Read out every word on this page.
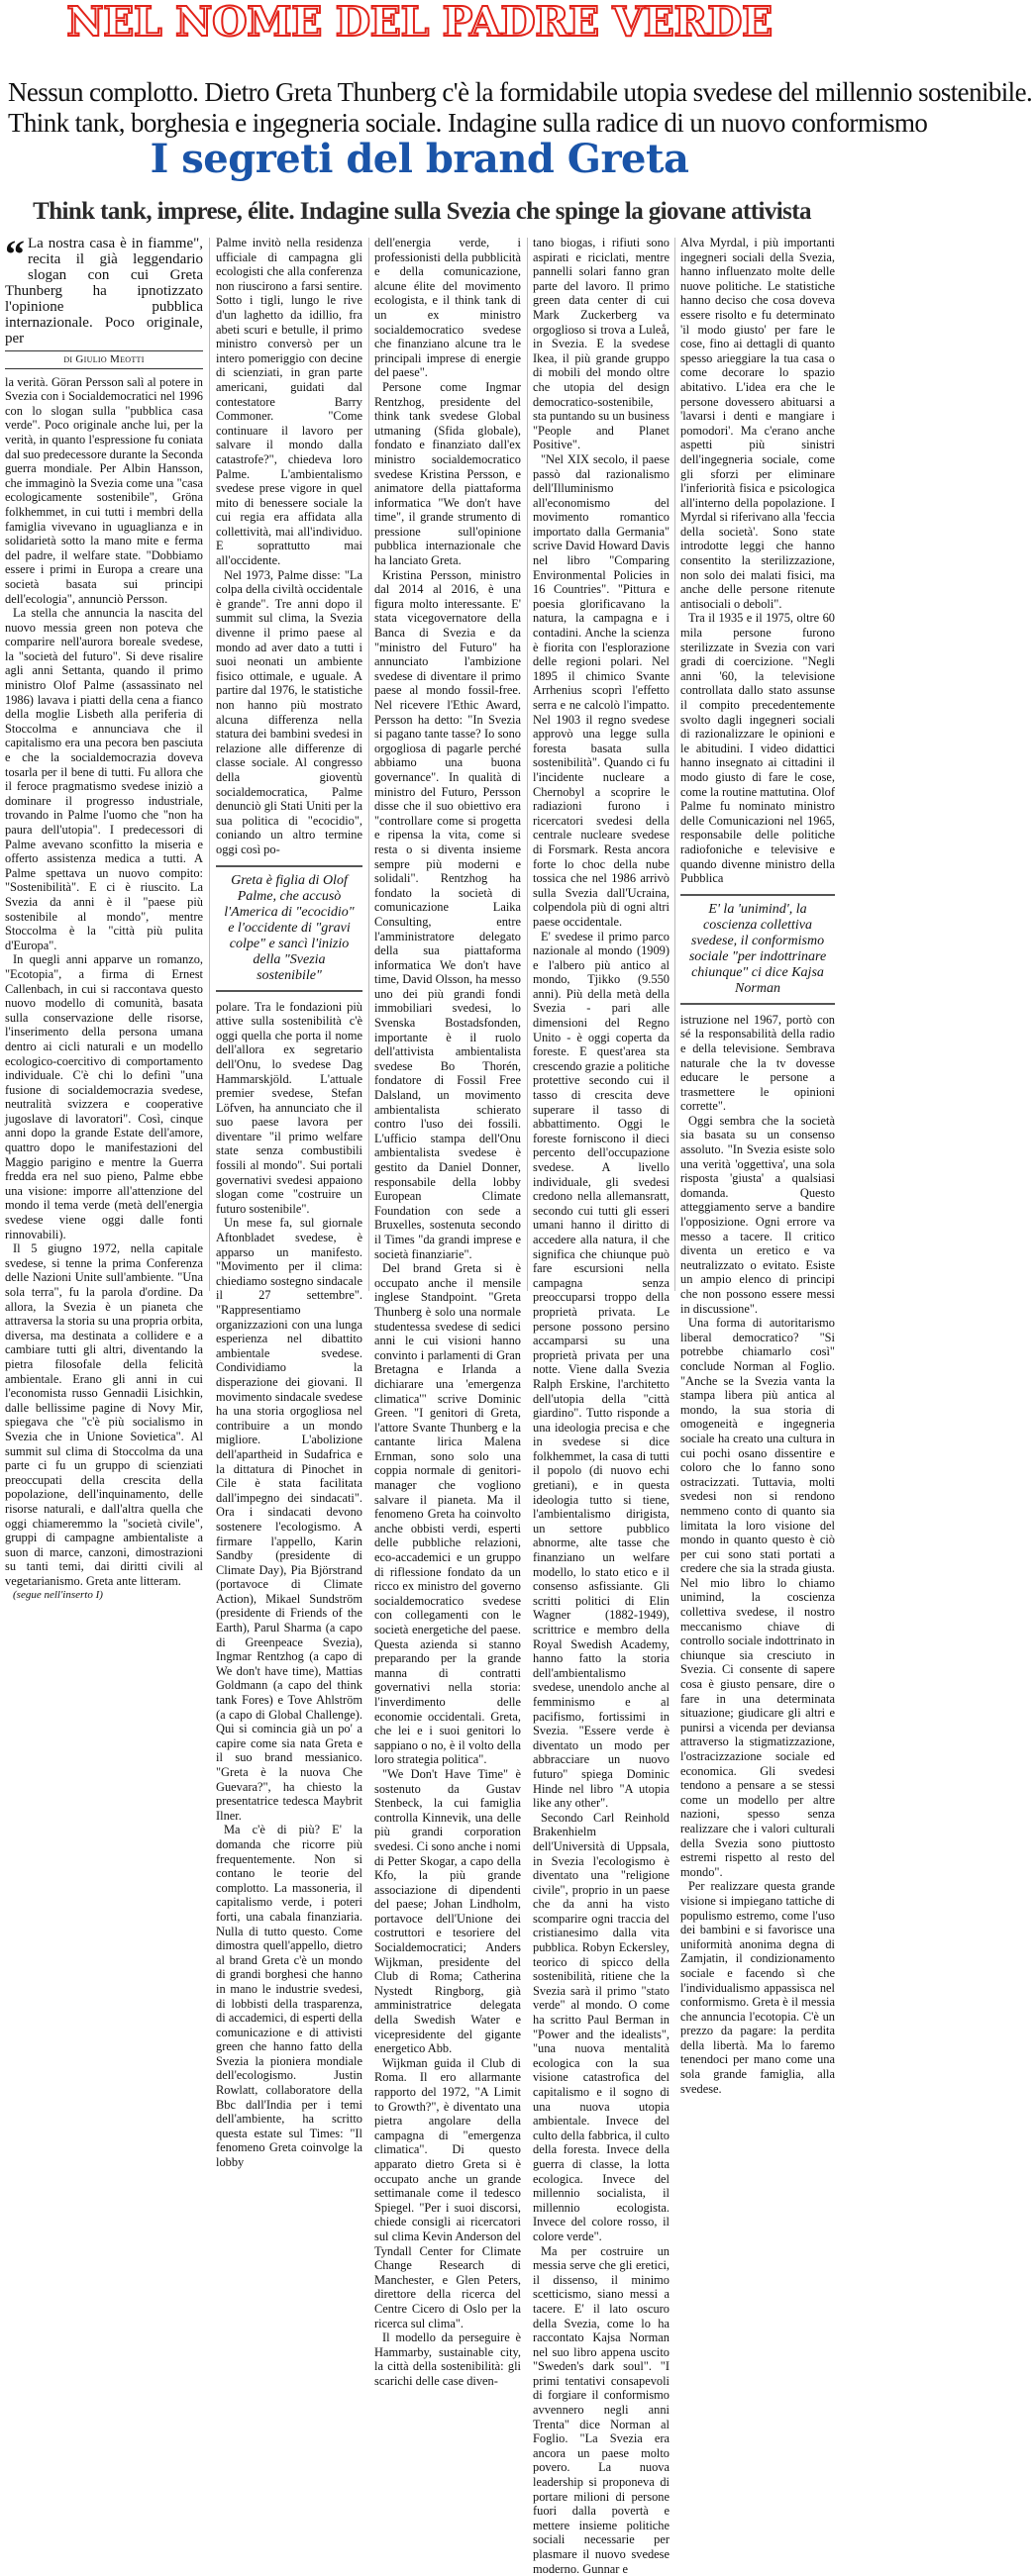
NEL NOME DEL PADRE VERDE
Nessun complotto. Dietro Greta Thunberg c'è la formidabile utopia svedese del millennio sostenibile.
Think tank, borghesia e ingegneria sociale. Indagine sulla radice di un nuovo conformismo
I segreti del brand Greta
Think tank, imprese, élite. Indagine sulla Svezia che spinge la giovane attivista

“ La nostra casa è in fiamme", recita il già leggendario slogan con cui Greta Thunberg ha ipnotizzato l'opinione pubblica internazionale. Poco originale, per

di Giulio Meotti

la verità. Göran Persson salì al potere in Svezia con i Socialdemocratici nel 1996 con lo slogan sulla "pubblica casa verde". Poco originale anche lui, per la verità, in quanto l'espressione fu coniata dal suo predecessore durante la Seconda guerra mondiale. Per Albin Hansson, che immaginò la Svezia come una "casa ecologicamente sostenibile", Gröna folkhemmet, in cui tutti i membri della famiglia vivevano in uguaglianza e in solidarietà sotto la mano mite e ferma del padre, il welfare state. "Dobbiamo essere i primi in Europa a creare una società basata sui principi dell'ecologia", annunciò Persson.

La stella che annuncia la nascita del nuovo messia green non poteva che comparire nell'aurora boreale svedese, la "società del futuro". Si deve risalire agli anni Settanta, quando il primo ministro Olof Palme (assassinato nel 1986) lavava i piatti della cena a fianco della moglie Lisbeth alla periferia di Stoccolma e annunciava che il capitalismo era una pecora ben pasciuta e che la socialdemocrazia doveva tosarla per il bene di tutti. Fu allora che il feroce pragmatismo svedese iniziò a dominare il progresso industriale, trovando in Palme l'uomo che "non ha paura dell'utopia". I predecessori di Palme avevano sconfitto la miseria e offerto assistenza medica a tutti. A Palme spettava un nuovo compito: "Sostenibilità". E ci è riuscito. La Svezia da anni è il "paese più sostenibile al mondo", mentre Stoccolma è la "città più pulita d'Europa".

In quegli anni apparve un romanzo, "Ecotopia", a firma di Ernest Callenbach, in cui si raccontava questo nuovo modello di comunità, basata sulla conservazione delle risorse, l'inserimento della persona umana dentro ai cicli naturali e un modello ecologico-coercitivo di comportamento individuale. C'è chi lo definì "una fusione di socialdemocrazia svedese, neutralità svizzera e cooperative jugoslave di lavoratori". Così, cinque anni dopo la grande Estate dell'amore, quattro dopo le manifestazioni del Maggio parigino e mentre la Guerra fredda era nel suo pieno, Palme ebbe una visione: imporre all'attenzione del mondo il tema verde (metà dell'energia svedese viene oggi dalle fonti rinnovabili).

Il 5 giugno 1972, nella capitale svedese, si tenne la prima Conferenza delle Nazioni Unite sull'ambiente. "Una sola terra", fu la parola d'ordine. Da allora, la Svezia è un pianeta che attraversa la storia su una propria orbita, diversa, ma destinata a collidere e a cambiare tutti gli altri, diventando la pietra filosofale della felicità ambientale. Erano gli anni in cui l'economista russo Gennadii Lisichkin, dalle bellissime pagine di Novy Mir, spiegava che "c'è più socialismo in Svezia che in Unione Sovietica". Al summit sul clima di Stoccolma da una parte ci fu un gruppo di scienziati preoccupati della crescita della popolazione, dell'inquinamento, delle risorse naturali, e dall'altra quella che oggi chiameremmo la "società civile", gruppi di campagne ambientaliste a suon di marce, canzoni, dimostrazioni su tanti temi, dai diritti civili al vegetarianismo. Greta ante litteram.

(segue nell'inserto I)

Palme invitò nella residenza ufficiale di campagna gli ecologisti che alla conferenza non riuscirono a farsi sentire. Sotto i tigli, lungo le rive d'un laghetto da idillio, fra abeti scuri e betulle, il primo ministro conversò per un intero pomeriggio con decine di scienziati, in gran parte americani, guidati dal contestatore Barry Commoner. "Come continuare il lavoro per salvare il mondo dalla catastrofe?", chiedeva loro Palme. L'ambientalismo svedese prese vigore in quel mito di benessere sociale la cui regia era affidata alla collettività, mai all'individuo. E soprattutto mai all'occidente.

Nel 1973, Palme disse: "La colpa della civiltà occidentale è grande". Tre anni dopo il summit sul clima, la Svezia divenne il primo paese al mondo ad aver dato a tutti i suoi neonati un ambiente fisico ottimale, e uguale. A partire dal 1976, le statistiche non hanno più mostrato alcuna differenza nella statura dei bambini svedesi in relazione alle differenze di classe sociale. Al congresso della gioventù socialdemocratica, Palme denunciò gli Stati Uniti per la sua politica di "ecocidio", coniando un altro termine oggi così po-

Greta è figlia di Olof Palme, che accusò l'America di "ecocidio" e l'occidente di "gravi colpe" e sancì l'inizio della "Svezia sostenibile"

polare. Tra le fondazioni più attive sulla sostenibilità c'è oggi quella che porta il nome dell'allora ex segretario dell'Onu, lo svedese Dag Hammarskjöld. L'attuale premier svedese, Stefan Löfven, ha annunciato che il suo paese lavora per diventare "il primo welfare state senza combustibili fossili al mondo". Sui portali governativi svedesi appaiono slogan come "costruire un futuro sostenibile".

Un mese fa, sul giornale Aftonbladet svedese, è apparso un manifesto. "Movimento per il clima: chiediamo sostegno sindacale il 27 settembre". "Rappresentiamo organizzazioni con una lunga esperienza nel dibattito ambientale svedese. Condividiamo la disperazione dei giovani. Il movimento sindacale svedese ha una storia orgogliosa nel contribuire a un mondo migliore. L'abolizione dell'apartheid in Sudafrica e la dittatura di Pinochet in Cile è stata facilitata dall'impegno dei sindacati". Ora i sindacati devono sostenere l'ecologismo. A firmare l'appello, Karin Sandby (presidente di Climate Day), Pia Björstrand (portavoce di Climate Action), Mikael Sundström (presidente di Friends of the Earth), Parul Sharma (a capo di Greenpeace Svezia), Ingmar Rentzhog (a capo di We don't have time), Mattias Goldmann (a capo del think tank Fores) e Tove Ahlström (a capo di Global Challenge). Qui si comincia già un po' a capire come sia nata Greta e il suo brand messianico. "Greta è la nuova Che Guevara?", ha chiesto la presentatrice tedesca Maybrit Ilner.

Ma c'è di più? E' la domanda che ricorre più frequentemente. Non si contano le teorie del complotto. La massoneria, il capitalismo verde, i poteri forti, una cabala finanziaria. Nulla di tutto questo. Come dimostra quell'appello, dietro al brand Greta c'è un mondo di grandi borghesi che hanno in mano le industrie svedesi, di lobbisti della trasparenza, di accademici, di esperti della comunicazione e di attivisti green che hanno fatto della Svezia la pioniera mondiale dell'ecologismo. Justin Rowlatt, collaboratore della Bbc dall'India per i temi dell'ambiente, ha scritto questa estate sul Times: "Il fenomeno Greta coinvolge la lobby

dell'energia verde, i professionisti della pubblicità e della comunicazione, alcune élite del movimento ecologista, e il think tank di un ex ministro socialdemocratico svedese che finanziano alcune tra le principali imprese di energie del paese".

Persone come Ingmar Rentzhog, presidente del think tank svedese Global utmaning (Sfida globale), fondato e finanziato dall'ex ministro socialdemocratico svedese Kristina Persson, e animatore della piattaforma informatica "We don't have time", il grande strumento di pressione sull'opinione pubblica internazionale che ha lanciato Greta.

Kristina Persson, ministro dal 2014 al 2016, è una figura molto interessante. E' stata vicegovernatore della Banca di Svezia e da "ministro del Futuro" ha annunciato l'ambizione svedese di diventare il primo paese al mondo fossil-free. Nel ricevere l'Ethic Award, Persson ha detto: "In Svezia si pagano tante tasse? Io sono orgogliosa di pagarle perché abbiamo una buona governance". In qualità di ministro del Futuro, Persson disse che il suo obiettivo era "controllare come si progetta e ripensa la vita, come si resta o si diventa insieme sempre più moderni e solidali". Rentzhog ha fondato la società di comunicazione Laika Consulting, entre l'amministratore delegato della sua piattaforma informatica We don't have time, David Olsson, ha messo uno dei più grandi fondi immobiliari svedesi, lo Svenska Bostadsfonden, importante è il ruolo dell'attivista ambientalista svedese Bo Thorén, fondatore di Fossil Free Dalsland, un movimento ambientalista schierato contro l'uso dei fossili. L'ufficio stampa dell'Onu ambientalista svedese è gestito da Daniel Donner, responsabile della lobby European Climate Foundation con sede a Bruxelles, sostenuta secondo il Times "da grandi imprese e società finanziarie".

Del brand Greta si è occupato anche il mensile inglese Standpoint. "Greta Thunberg è solo una normale studentessa svedese di sedici anni le cui visioni hanno convinto i parlamenti di Gran Bretagna e Irlanda a dichiarare una 'emergenza climatica'" scrive Dominic Green. "I genitori di Greta, l'attore Svante Thunberg e la cantante lirica Malena Ernman, sono solo una coppia normale di genitori-manager che vogliono salvare il pianeta. Ma il fenomeno Greta ha coinvolto anche obbisti verdi, esperti delle pubbliche relazioni, eco-accademici e un gruppo di riflessione fondato da un ricco ex ministro del governo socialdemocratico svedese con collegamenti con le società energetiche del paese. Questa azienda si stanno preparando per la grande manna di contratti governativi nella storia: l'inverdimento delle economie occidentali. Greta, che lei e i suoi genitori lo sappiano o no, è il volto della loro strategia politica".

"We Don't Have Time" è sostenuto da Gustav Stenbeck, la cui famiglia controlla Kinnevik, una delle più grandi corporation svedesi. Ci sono anche i nomi di Petter Skogar, a capo della Kfo, la più grande associazione di dipendenti del paese; Johan Lindholm, portavoce dell'Unione dei costruttori e tesoriere del Socialdemocratici; Anders Wijkman, presidente del Club di Roma; Catherina Nystedt Ringborg, già amministratrice delegata della Swedish Water e vicepresidente del gigante energetico Abb.

Wijkman guida il Club di Roma. Il ero allarmante rapporto del 1972, "A Limit to Growth?", è diventato una pietra angolare della campagna di "emergenza climatica". Di questo apparato dietro Greta si è occupato anche un grande settimanale come il tedesco Spiegel. "Per i suoi discorsi, chiede consigli ai ricercatori sul clima Kevin Anderson del Tyndall Center for Climate Change Research di Manchester, e Glen Peters, direttore della ricerca del Centre Cicero di Oslo per la ricerca sul clima".

Il modello da perseguire è Hammarby, sustainable city, la città della sostenibilità: gli scarichi delle case diven-

tano biogas, i rifiuti sono aspirati e riciclati, mentre pannelli solari fanno gran parte del lavoro. Il primo green data center di cui Mark Zuckerberg va orgoglioso si trova a Luleå, in Svezia. E la svedese Ikea, il più grande gruppo di mobili del mondo oltre che utopia del design democratico-sostenibile, sta puntando su un business "People and Planet Positive".

"Nel XIX secolo, il paese passò dal razionalismo dell'Illuminismo all'economismo del movimento romantico importato dalla Germania" scrive David Howard Davis nel libro "Comparing Environmental Policies in 16 Countries". "Pittura e poesia glorificavano la natura, la campagna e i contadini. Anche la scienza è fiorita con l'esplorazione delle regioni polari. Nel 1895 il chimico Svante Arrhenius scoprì l'effetto serra e ne calcolò l'impatto. Nel 1903 il regno svedese approvò una legge sulla foresta basata sulla sostenibilità". Quando ci fu l'incidente nucleare a Chernobyl a scoprire le radiazioni furono i ricercatori svedesi della centrale nucleare svedese di Forsmark. Resta ancora forte lo choc della nube tossica che nel 1986 arrivò sulla Svezia dall'Ucraina, colpendola più di ogni altri paese occidentale.

E' svedese il primo parco nazionale al mondo (1909) e l'albero più antico al mondo, Tjikko (9.550 anni). Più della metà della Svezia - pari alle dimensioni del Regno Unito - è oggi coperta da foreste. E quest'area sta crescendo grazie a politiche protettive secondo cui il tasso di crescita deve superare il tasso di abbattimento. Oggi le foreste forniscono il dieci percento dell'occupazione svedese. A livello individuale, gli svedesi credono nella allemansratt, secondo cui tutti gli esseri umani hanno il diritto di accedere alla natura, il che significa che chiunque può fare escursioni nella campagna senza preoccuparsi troppo della proprietà privata. Le persone possono persino accamparsi su una proprietà privata per una notte. Viene dalla Svezia Ralph Erskine, l'architetto dell'utopia della "città giardino". Tutto risponde a una ideologia precisa e che in svedese si dice folkhemmet, la casa di tutti il popolo (di nuovo echi gretiani), e in questa ideologia tutto si tiene, l'ambientalismo dirigista, un settore pubblico abnorme, alte tasse che finanziano un welfare modello, lo stato etico e il consenso asfissiante. Gli scritti politici di Elin Wagner (1882-1949), scrittrice e membro della Royal Swedish Academy, hanno fatto la storia dell'ambientalismo svedese, unendolo anche al femminismo e al pacifismo, fortissimi in Svezia. "Essere verde è diventato un modo per abbracciare un nuovo futuro" spiega Dominic Hinde nel libro "A utopia like any other".

Secondo Carl Reinhold Brakenhielm dell'Università di Uppsala, in Svezia l'ecologismo è diventato una "religione civile", proprio in un paese che da anni ha visto scomparire ogni traccia del cristianesimo dalla vita pubblica. Robyn Eckersley, teorico di spicco della sostenibilità, ritiene che la Svezia sarà il primo "stato verde" al mondo. O come ha scritto Paul Berman in "Power and the idealists", "una nuova mentalità ecologica con la sua visione catastrofica del capitalismo e il sogno di una nuova utopia ambientale. Invece del culto della fabbrica, il culto della foresta. Invece della guerra di classe, la lotta ecologica. Invece del millennio socialista, il millennio ecologista. Invece del colore rosso, il colore verde".

Ma per costruire un messia serve che gli eretici, il dissenso, il minimo scetticismo, siano messi a tacere. E' il lato oscuro della Svezia, come lo ha raccontato Kajsa Norman nel suo libro appena uscito "Sweden's dark soul". "I primi tentativi consapevoli di forgiare il conformismo avvennero negli anni Trenta" dice Norman al Foglio. "La Svezia era ancora un paese molto povero. La nuova leadership si proponeva di portare milioni di persone fuori dalla povertà e mettere insieme politiche sociali necessarie per plasmare il nuovo svedese moderno. Gunnar e

Alva Myrdal, i più importanti ingegneri sociali della Svezia, hanno influenzato molte delle nuove politiche. Le statistiche hanno deciso che cosa doveva essere risolto e fu determinato 'il modo giusto' per fare le cose, fino ai dettagli di quanto spesso arieggiare la tua casa o come decorare lo spazio abitativo. L'idea era che le persone dovessero abituarsi a 'lavarsi i denti e mangiare i pomodori'. Ma c'erano anche aspetti più sinistri dell'ingegneria sociale, come gli sforzi per eliminare l'inferiorità fisica e psicologica all'interno della popolazione. I Myrdal si riferivano alla 'feccia della società'. Sono state introdotte leggi che hanno consentito la sterilizzazione, non solo dei malati fisici, ma anche delle persone ritenute antisociali o deboli".

Tra il 1935 e il 1975, oltre 60 mila persone furono sterilizzate in Svezia con vari gradi di coercizione. "Negli anni '60, la televisione controllata dallo stato assunse il compito precedentemente svolto dagli ingegneri sociali di razionalizzare le opinioni e le abitudini. I video didattici hanno insegnato ai cittadini il modo giusto di fare le cose, come la routine mattutina. Olof Palme fu nominato ministro delle Comunicazioni nel 1965, responsabile delle politiche radiofoniche e televisive e quando divenne ministro della Pubblica

E' la 'unimind', la coscienza collettiva svedese, il conformismo sociale "per indottrinare chiunque" ci dice Kajsa Norman

istruzione nel 1967, portò con sé la responsabilità della radio e della televisione. Sembrava naturale che la tv dovesse educare le persone a trasmettere le opinioni corrette".

Oggi sembra che la società sia basata su un consenso assoluto. "In Svezia esiste solo una verità 'oggettiva', una sola risposta 'giusta' a qualsiasi domanda. Questo atteggiamento serve a bandire l'opposizione. Ogni errore va messo a tacere. Il critico diventa un eretico e va neutralizzato o evitato. Esiste un ampio elenco di principi che non possono essere messi in discussione".

Una forma di autoritarismo liberal democratico? "Si potrebbe chiamarlo così" conclude Norman al Foglio. "Anche se la Svezia vanta la stampa libera più antica al mondo, la sua storia di omogeneità e ingegneria sociale ha creato una cultura in cui pochi osano dissentire e coloro che lo fanno sono ostracizzati. Tuttavia, molti svedesi non si rendono nemmeno conto di quanto sia limitata la loro visione del mondo in quanto questo è ciò per cui sono stati portati a credere che sia la strada giusta. Nel mio libro lo chiamo unimind, la coscienza collettiva svedese, il nostro meccanismo chiave di controllo sociale indottrinato in chiunque sia cresciuto in Svezia. Ci consente di sapere cosa è giusto pensare, dire o fare in una determinata situazione; giudicare gli altri e punirsi a vicenda per deviansa attraverso la stigmatizzazione, l'ostracizzazione sociale ed economica. Gli svedesi tendono a pensare a se stessi come un modello per altre nazioni, spesso senza realizzare che i valori culturali della Svezia sono piuttosto estremi rispetto al resto del mondo".

Per realizzare questa grande visione si impiegano tattiche di populismo estremo, come l'uso dei bambini e si favorisce una uniformità anonima degna di Zamjatin, il condizionamento sociale e facendo sì che l'individualismo appassisca nel conformismo. Greta è il messia che annuncia l'ecotopia. C'è un prezzo da pagare: la perdita della libertà. Ma lo faremo tenendoci per mano come una sola grande famiglia, alla svedese.
